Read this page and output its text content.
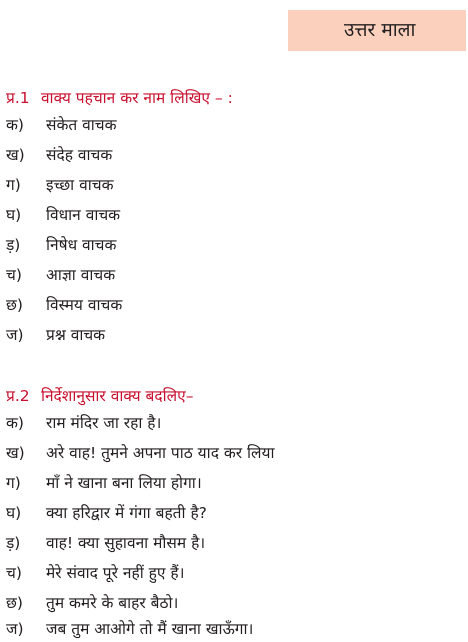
उत्तर माला
प्र.1 वाक्य पहचान कर नाम लिखिए – :
क) संकेत वाचक
ख) संदेह वाचक
ग) इच्छा वाचक
घ) विधान वाचक
ड़) निषेध वाचक
च) आज्ञा वाचक
छ) विस्मय वाचक
ज) प्रश्न वाचक
प्र.2 निर्देशानुसार वाक्य बदलिए–
क) राम मंदिर जा रहा है।
ख) अरे वाह! तुमने अपना पाठ याद कर लिया
ग) माँ ने खाना बना लिया होगा।
घ) क्या हरिद्वार में गंगा बहती है?
ड़) वाह! क्या सुहावना मौसम है।
च) मेरे संवाद पूरे नहीं हुए हैं।
छ) तुम कमरे के बाहर बैठो।
ज) जब तुम आओगे तो मैं खाना खाऊँगा।
